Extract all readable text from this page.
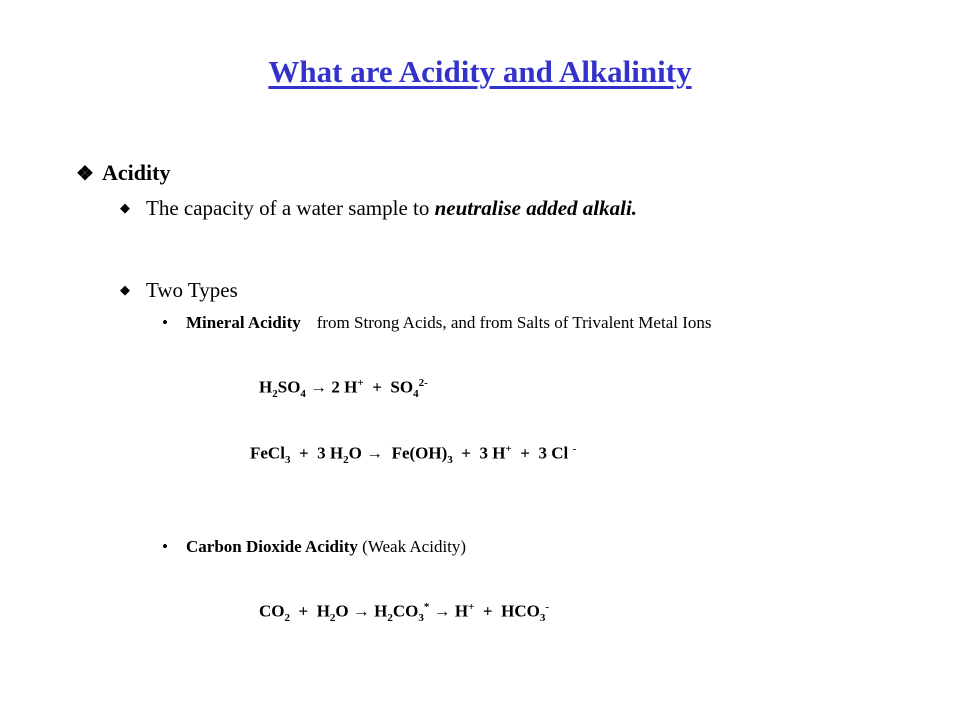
What are Acidity and Alkalinity
❖ Acidity
◆ The capacity of a water sample to neutralise added alkali.
◆ Two Types
• Mineral Acidity from Strong Acids, and from Salts of Trivalent Metal Ions
$H_2SO_4 \to 2$ $H^+ + SO_4^{2-}$
FeCl$_3$ + 3 $H_2O \to Fe(OH)_3 + 3$ H+ + 3 Cl -
• Carbon Dioxide Acidity (Weak Acidity)
$CO_2 + H_2O \to H_2CO_3^* \to H^+ + HCO_3^-$
